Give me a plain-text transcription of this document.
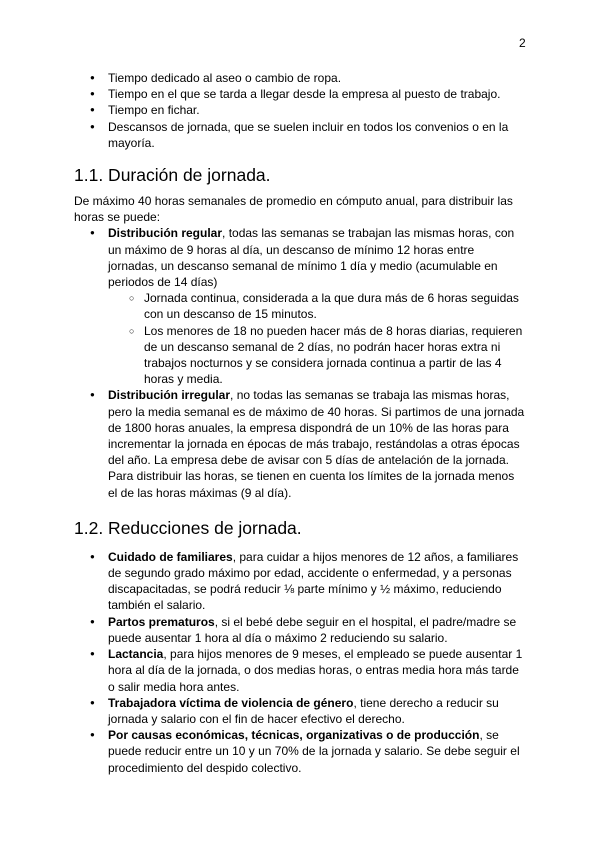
2
● Tiempo dedicado al aseo o cambio de ropa.
● Tiempo en el que se tarda a llegar desde la empresa al puesto de trabajo.
● Tiempo en fichar.
● Descansos de jornada, que se suelen incluir en todos los convenios o en la mayoría.
1.1. Duración de jornada.

De máximo 40 horas semanales de promedio en cómputo anual, para distribuir las horas se puede:

● Distribución regular, todas las semanas se trabajan las mismas horas, con un máximo de 9 horas al día, un descanso de mínimo 12 horas entre jornadas, un descanso semanal de mínimo 1 día y medio (acumulable en periodos de 14 días)
○ Jornada continua, considerada a la que dura más de 6 horas seguidas con un descanso de 15 minutos.
○ Los menores de 18 no pueden hacer más de 8 horas diarias, requieren de un descanso semanal de 2 días, no podrán hacer horas extra ni trabajos nocturnos y se considera jornada continua a partir de las 4 horas y media.
● Distribución irregular, no todas las semanas se trabaja las mismas horas, pero la media semanal es de máximo de 40 horas. Si partimos de una jornada de 1800 horas anuales, la empresa dispondrá de un 10% de las horas para incrementar la jornada en épocas de más trabajo, restándolas a otras épocas del año. La empresa debe de avisar con 5 días de antelación de la jornada. Para distribuir las horas, se tienen en cuenta los límites de la jornada menos el de las horas máximas (9 al día).
1.2. Reducciones de jornada.
● Cuidado de familiares, para cuidar a hijos menores de 12 años, a familiares de segundo grado máximo por edad, accidente o enfermedad, y a personas discapacitadas, se podrá reducir ⅛ parte mínimo y ½ máximo, reduciendo también el salario.
● Partos prematuros, si el bebé debe seguir en el hospital, el padre/madre se puede ausentar 1 hora al día o máximo 2 reduciendo su salario.
● Lactancia, para hijos menores de 9 meses, el empleado se puede ausentar 1 hora al día de la jornada, o dos medias horas, o entras media hora más tarde o salir media hora antes.
● Trabajadora víctima de violencia de género, tiene derecho a reducir su jornada y salario con el fin de hacer efectivo el derecho.
● Por causas económicas, técnicas, organizativas o de producción, se puede reducir entre un 10 y un 70% de la jornada y salario. Se debe seguir el procedimiento del despido colectivo.
